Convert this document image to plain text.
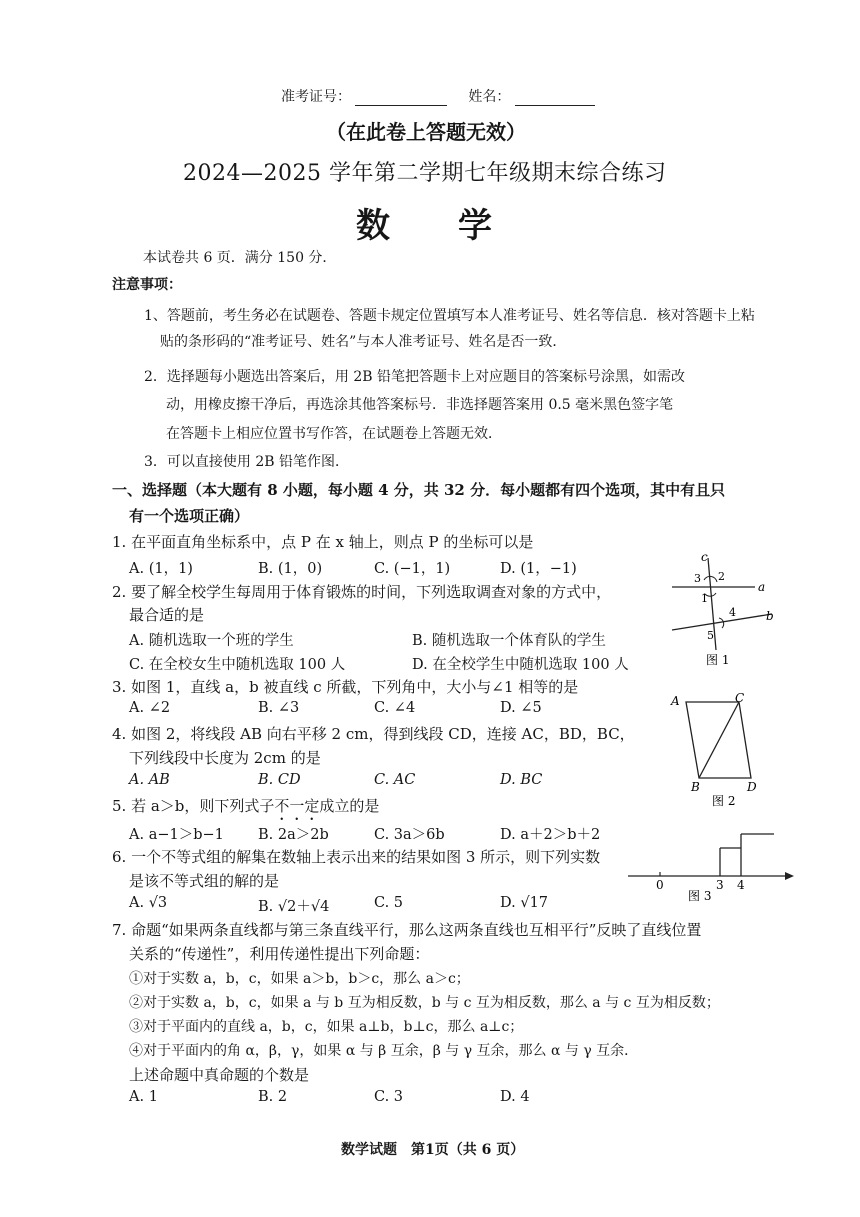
准考证号：	姓名：
（在此卷上答题无效）
2024—2025 学年第二学期七年级期末综合练习
数　　学
本试卷共 6 页．满分 150 分．
注意事项：
1、答题前，考生务必在试题卷、答题卡规定位置填写本人准考证号、姓名等信息．核对答题卡上粘
贴的条形码的“准考证号、姓名”与本人准考证号、姓名是否一致．
2．选择题每小题选出答案后，用 2B 铅笔把答题卡上对应题目的答案标号涂黑，如需改
动，用橡皮擦干净后，再选涂其他答案标号．非选择题答案用 0.5 毫米黑色签字笔
在答题卡上相应位置书写作答，在试题卷上答题无效．
3．可以直接使用 2B 铅笔作图．
一、选择题（本大题有 8 小题，每小题 4 分，共 32 分．每小题都有四个选项，其中有且只
有一个选项正确）
1. 在平面直角坐标系中，点 P 在 x 轴上，则点 P 的坐标可以是
A. (1，1)	B. (1，0)	C. (−1，1)	D. (1，−1)
2. 要了解全校学生每周用于体育锻炼的时间，下列选取调查对象的方式中，
最合适的是
A. 随机选取一个班的学生	B. 随机选取一个体育队的学生
C. 在全校女生中随机选取 100 人	D. 在全校学生中随机选取 100 人
3. 如图 1，直线 a，b 被直线 c 所截，下列角中，大小与∠1 相等的是
A. ∠2	B. ∠3	C. ∠4	D. ∠5
4. 如图 2，将线段 AB 向右平移 2 cm，得到线段 CD，连接 AC，BD，BC，
下列线段中长度为 2cm 的是
A. AB	B. CD	C. AC	D. BC
5. 若 a＞b，则下列式子不一定成立的是
A. a−1＞b−1 B. 2a＞2b	C. 3a＞6b	D. a＋2＞b＋2
6. 一个不等式组的解集在数轴上表示出来的结果如图 3 所示，则下列实数
是该不等式组的解的是
A. √3	B. √2＋√4	C. 5	D. √17
7. 命题“如果两条直线都与第三条直线平行，那么这两条直线也互相平行”反映了直线位置
关系的“传递性”，利用传递性提出下列命题：
①对于实数 a，b，c，如果 a＞b，b＞c，那么 a＞c；
②对于实数 a，b，c，如果 a 与 b 互为相反数，b 与 c 互为相反数，那么 a 与 c 互为相反数；
③对于平面内的直线 a，b，c，如果 a⊥b，b⊥c，那么 a⊥c；
④对于平面内的角 α，β，γ，如果 α 与 β 互余，β 与 γ 互余，那么 α 与 γ 互余．
上述命题中真命题的个数是
A. 1	B. 2	C. 3	D. 4
c
a
b
3 2
1
4
5
图 1
A	C
B	D
图 2
0	3 4
图 3
数学试题　第1页（共 6 页）
